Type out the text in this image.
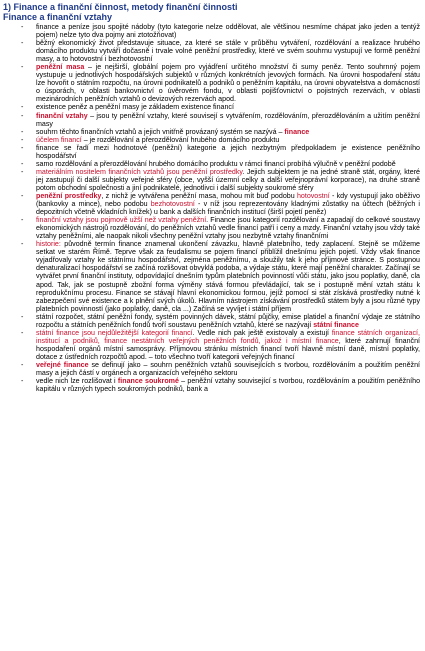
1) Finance a finanční činnost, metody finanční činnosti
Finance a finanční vztahy
- finance a peníze jsou spojité nádoby (tyto kategorie nelze oddělovat, ale většinou nesmíme chápat jako jeden a tentýž pojem) nelze tyto dva pojmy ani ztotožňovat)
- běžný ekonomický život představuje situace, za které se stále v průběhu vytváření, rozdělování a realizace hrubého domácího produktu vytváří dočasně i trvale volné peněžní prostředky, které ve svém souhrnu vystupují ve formě peněžní masy, a to hotovostní i bezhotovostní
- peněžní masa – je nejširší, globální pojem pro vyjádření určitého množství či sumy peněz. Tento souhrnný pojem vystupuje u jednotlivých hospodářských subjektů v různých konkrétních jevových formách. Na úrovni hospodaření státu lze hovořit o státním rozpočtu, na úrovni podnikatelů a podniků o peněžním kapitálu, na úrovni obyvatelstva a domácností o úsporách, v oblasti bankovnictví o úvěrovém fondu, v oblasti pojišťovnictví o pojistných rezervách, v oblasti mezinárodních peněžních vztahů o devizových rezervách apod.
- existence peněz a peněžní masy je základem existence financí
- finanční vztahy – jsou ty peněžní vztahy, které souvisejí s vytvářením, rozdělováním, přerozdělováním a užitím peněžní masy
- souhrn těchto finančních vztahů a jejich vnitřně provázaný systém se nazývá – finance
- účelem financí – je rozdělování a přerozdělování hrubého domácího produktu
- finance se řadí mezi hodnotové (peněžní) kategorie a jejich nezbytným předpokladem je existence peněžního hospodářství
- samo rozdělování a přerozdělování hrubého domácího produktu v rámci financí probíhá výlučně v peněžní podobě
- materiálním nositelem finančních vztahů jsou peněžní prostředky. Jejich subjektem je na jedné straně stát, orgány, které jej zastupují či další subjekty veřejné sféry (obce, vyšší územní celky a další veřejnoprávní korporace), na druhé straně potom obchodní společnosti a jiní podnikatelé, jednotlivci i další subjekty soukromé sféry
- peněžní prostředky, z nichž je vytvářena peněžní masa, mohou mít buď podobu hotovostní - kdy vystupují jako oběživo (bankovky a mince), nebo podobu bezhotovostní - v níž jsou reprezentovány kladnými zůstatky na účtech (běžných i depozitních včetně vkladních knížek) u bank a dalších finančních institucí (širší pojetí peněz)
- finanční vztahy jsou pojmově užší než vztahy peněžní. Finance jsou kategorií rozdělování a zapadají do celkové soustavy ekonomických nástrojů rozdělování, do peněžních vztahů vedle financí patří i ceny a mzdy. Finanční vztahy jsou vždy také vztahy peněžními, ale naopak nikoli všechny peněžní vztahy jsou nezbytně vztahy finančními
- historie: původně termín finance znamenal ukončení závazku, hlavně platebního, tedy zaplacení. Stejně se můžeme setkat ve starém Římě. Teprve však za feudalismu se pojem financí přiblížil dnešnímu jejich pojetí. Vždy však finance vyjadřovaly vztahy ke státnímu hospodářství, zejména peněžnímu, a sloužily tak k jeho příjmové stránce. S postupnou denaturalizací hospodářství se začíná rozlišovat obvyklá podoba, a výdaje státu, které mají peněžní charakter. Začínají se vytvářet první finanční instituty, odpovídající dnešním typům platebních povinností vůči státu, jako jsou poplatky, daně, cla apod. Tak, jak se postupně zbožní forma výměny stává formou převládající, tak se i postupně mění vztah státu k reprodukčnímu procesu. Finance se stávají hlavní ekonomickou formou, jejíž pomocí si stát získává prostředky nutné k zabezpečení své existence a k plnění svých úkolů. Hlavním nástrojem získávání prostředků státem byly a jsou různé typy platebních povinností (jako poplatky, daně, cla ...) Začíná se vyvíjet i státní příjem
- státní rozpočet, státní peněžní fondy, systém povinných dávek, státní půjčky, emise platidel a finanční výdaje ze státního rozpočtu a státních peněžních fondů tvoří soustavu peněžních vztahů, které se nazývají státní finance
- státní finance jsou nejdůležitější kategorií financí. Vedle nich pak ještě existovaly a existují finance státních organizací, institucí a podniků, finance nestátních veřejných peněžních fondů, jakož i místní finance, které zahrnují finanční hospodaření orgánů místní samosprávy. Příjmovou stránku místních financí tvoří hlavně místní daně, místní poplatky, dotace z ústředních rozpočtů apod. – toto všechno tvoří kategorii veřejných financí
- veřejné finance se definují jako – souhrn peněžních vztahů souvisejících s tvorbou, rozdělováním a použitím peněžní masy a jejich částí v orgánech a organizacích veřejného sektoru
- vedle nich lze rozlišovat i finance soukromé – peněžní vztahy související s tvorbou, rozdělováním a použitím peněžního kapitálu v různých typech soukromých podniků, bank a
